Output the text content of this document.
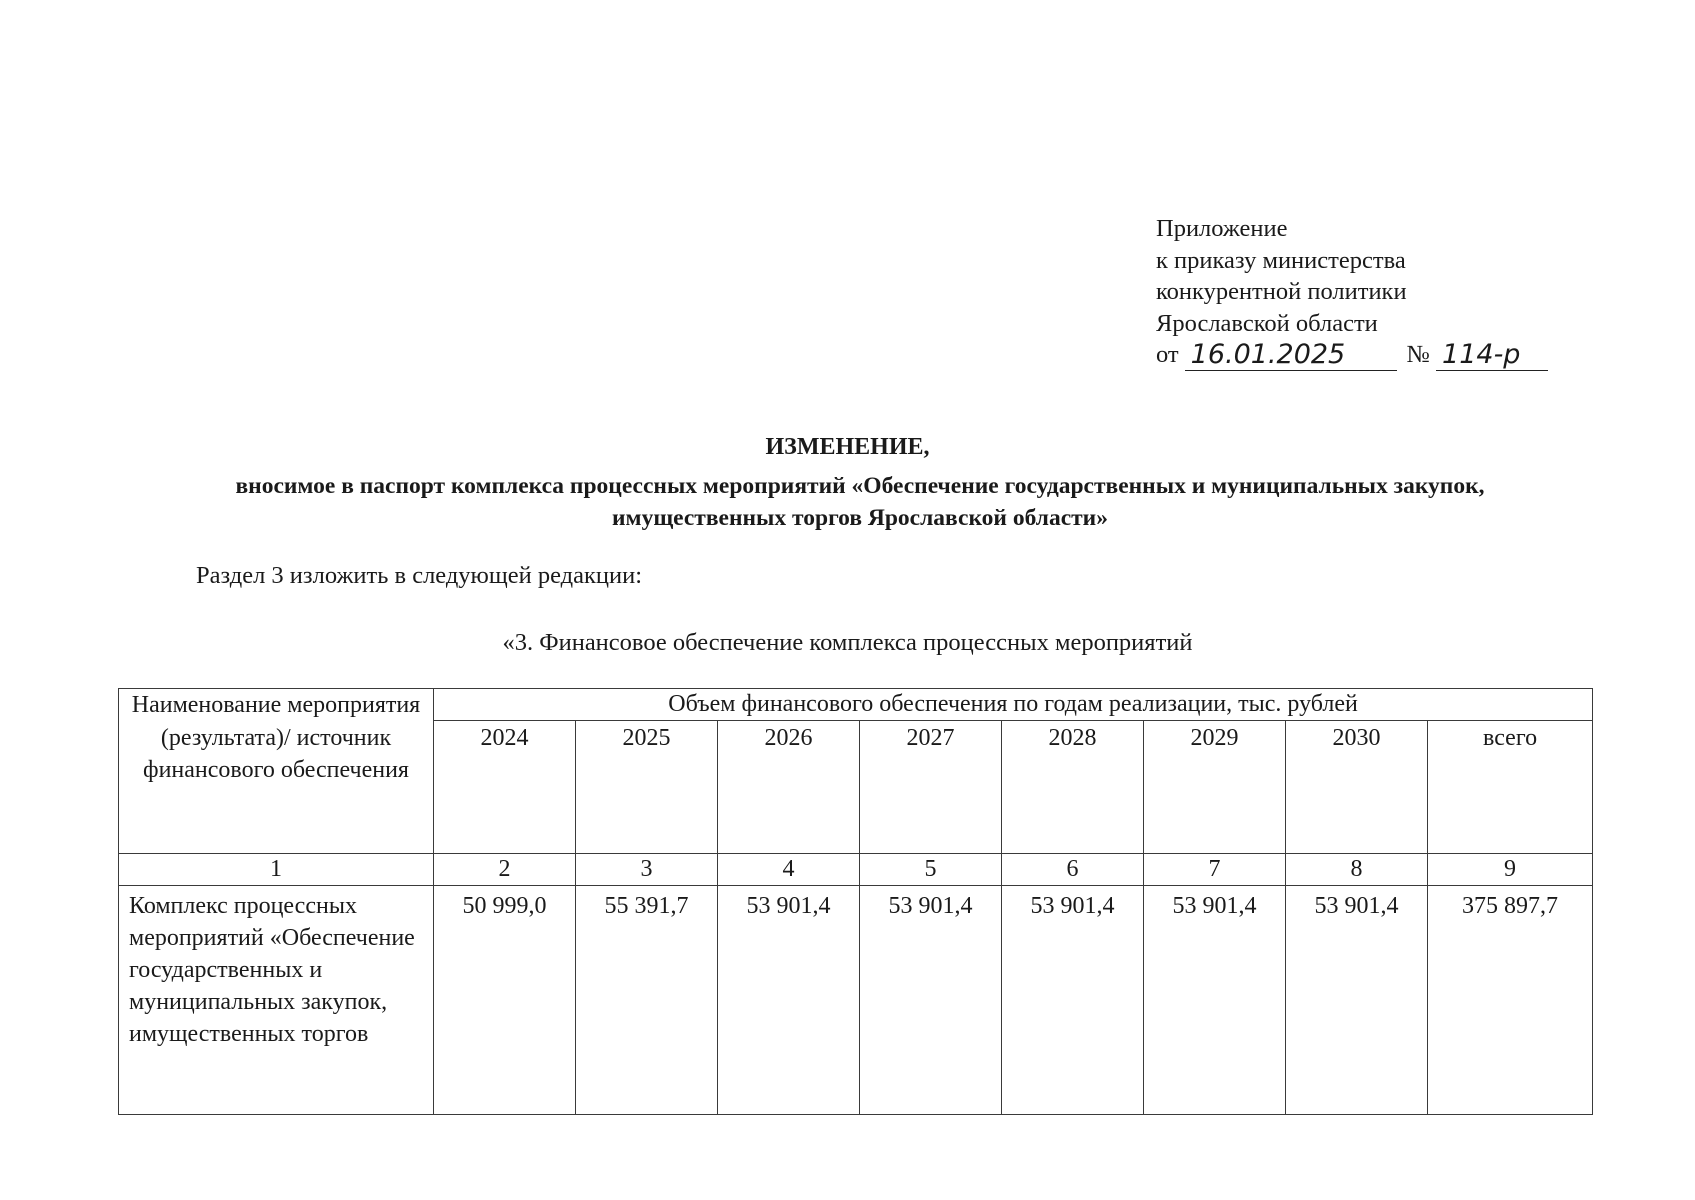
Приложение
к приказу министерства
конкурентной политики
Ярославской области
от 16.01.2025	№ 114-р
ИЗМЕНЕНИЕ,
вносимое в паспорт комплекса процессных мероприятий «Обеспечение государственных и муниципальных закупок, имущественных торгов Ярославской области»
Раздел 3 изложить в следующей редакции:
«3. Финансовое обеспечение комплекса процессных мероприятий
Наименование мероприятия (результата)/ источник финансового обеспечения	Объем финансового обеспечения по годам реализации, тыс. рублей							
	2024	2025	2026	2027	2028	2029	2030	всего
1	2	3	4	5	6	7	8	9
Комплекс процессных мероприятий «Обеспечение государственных и муниципальных закупок, имущественных торгов	50 999,0	55 391,7	53 901,4	53 901,4	53 901,4	53 901,4	53 901,4	375 897,7
